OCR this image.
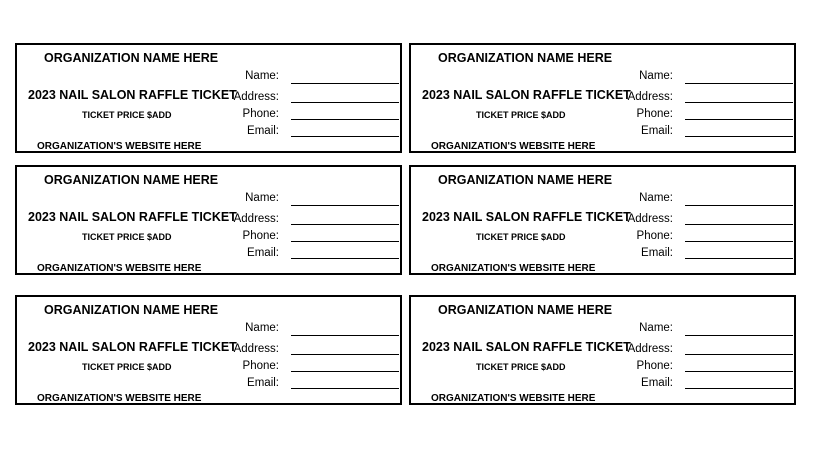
ORGANIZATION NAME HERE
2023 NAIL SALON RAFFLE TICKET
TICKET PRICE $ADD
ORGANIZATION'S WEBSITE HERE
Name:
Address:
Phone:
Email:
ORGANIZATION NAME HERE
2023 NAIL SALON RAFFLE TICKET
TICKET PRICE $ADD
ORGANIZATION'S WEBSITE HERE
Name:
Address:
Phone:
Email:
ORGANIZATION NAME HERE
2023 NAIL SALON RAFFLE TICKET
TICKET PRICE $ADD
ORGANIZATION'S WEBSITE HERE
Name:
Address:
Phone:
Email:
ORGANIZATION NAME HERE
2023 NAIL SALON RAFFLE TICKET
TICKET PRICE $ADD
ORGANIZATION'S WEBSITE HERE
Name:
Address:
Phone:
Email:
ORGANIZATION NAME HERE
2023 NAIL SALON RAFFLE TICKET
TICKET PRICE $ADD
ORGANIZATION'S WEBSITE HERE
Name:
Address:
Phone:
Email:
ORGANIZATION NAME HERE
2023 NAIL SALON RAFFLE TICKET
TICKET PRICE $ADD
ORGANIZATION'S WEBSITE HERE
Name:
Address:
Phone:
Email:
